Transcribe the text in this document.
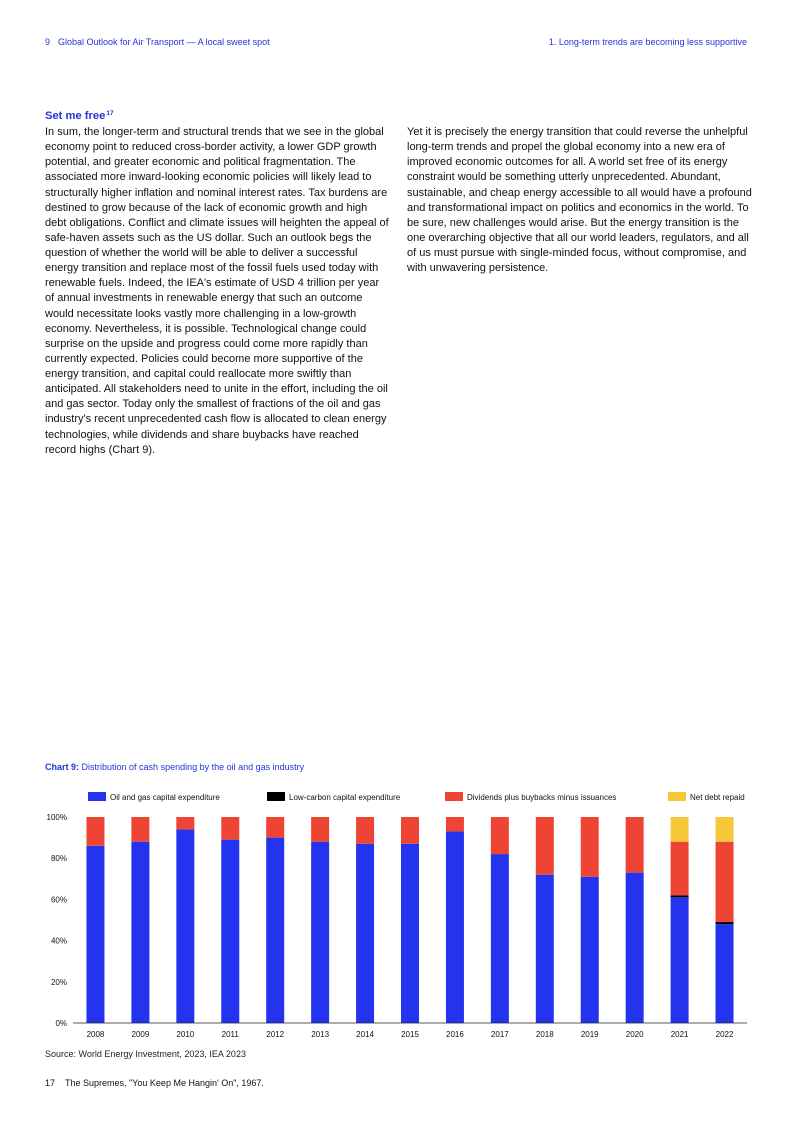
9 Global Outlook for Air Transport — A local sweet spot	1. Long-term trends are becoming less supportive
Set me free$^{17}$

In sum, the longer-term and structural trends that we see in the global economy point to reduced cross-border activity, a lower GDP growth potential, and greater economic and political fragmentation. The associated more inward-looking economic policies will likely lead to structurally higher inflation and nominal interest rates. Tax burdens are destined to grow because of the lack of economic growth and high debt obligations. Conflict and climate issues will heighten the appeal of safe-haven assets such as the US dollar. Such an outlook begs the question of whether the world will be able to deliver a successful energy transition and replace most of the fossil fuels used today with renewable fuels. Indeed, the IEA's estimate of USD 4 trillion per year of annual investments in renewable energy that such an outcome would necessitate looks vastly more challenging in a low-growth economy. Nevertheless, it is possible. Technological change could surprise on the upside and progress could come more rapidly than currently expected. Policies could become more supportive of the energy transition, and capital could reallocate more swiftly than anticipated. All stakeholders need to unite in the effort, including the oil and gas sector. Today only the smallest of fractions of the oil and gas industry's recent unprecedented cash flow is allocated to clean energy technologies, while dividends and share buybacks have reached record highs (Chart 9).

Yet it is precisely the energy transition that could reverse the unhelpful long-term trends and propel the global economy into a new era of improved economic outcomes for all. A world set free of its energy constraint would be something utterly unprecedented. Abundant, sustainable, and cheap energy accessible to all would have a profound and transformational impact on politics and economics in the world. To be sure, new challenges would arise. But the energy transition is the one overarching objective that all our world leaders, regulators, and all of us must pursue with single-minded focus, without compromise, and with unwavering persistence.

Chart 9: Distribution of cash spending by the oil and gas industry
Oil and gas capital expenditure	Low-carbon capital expenditure	Dividends plus buybacks minus issuances	Net debt repaid
0%
20%
40%
60%
80%
100%
2008	2009	2010	2011	2012	2013	2014	2015	2016	2017	2018	2019	2020	2021	2022
Source: World Energy Investment, 2023, IEA 2023
17 The Supremes, "You Keep Me Hangin' On", 1967.
